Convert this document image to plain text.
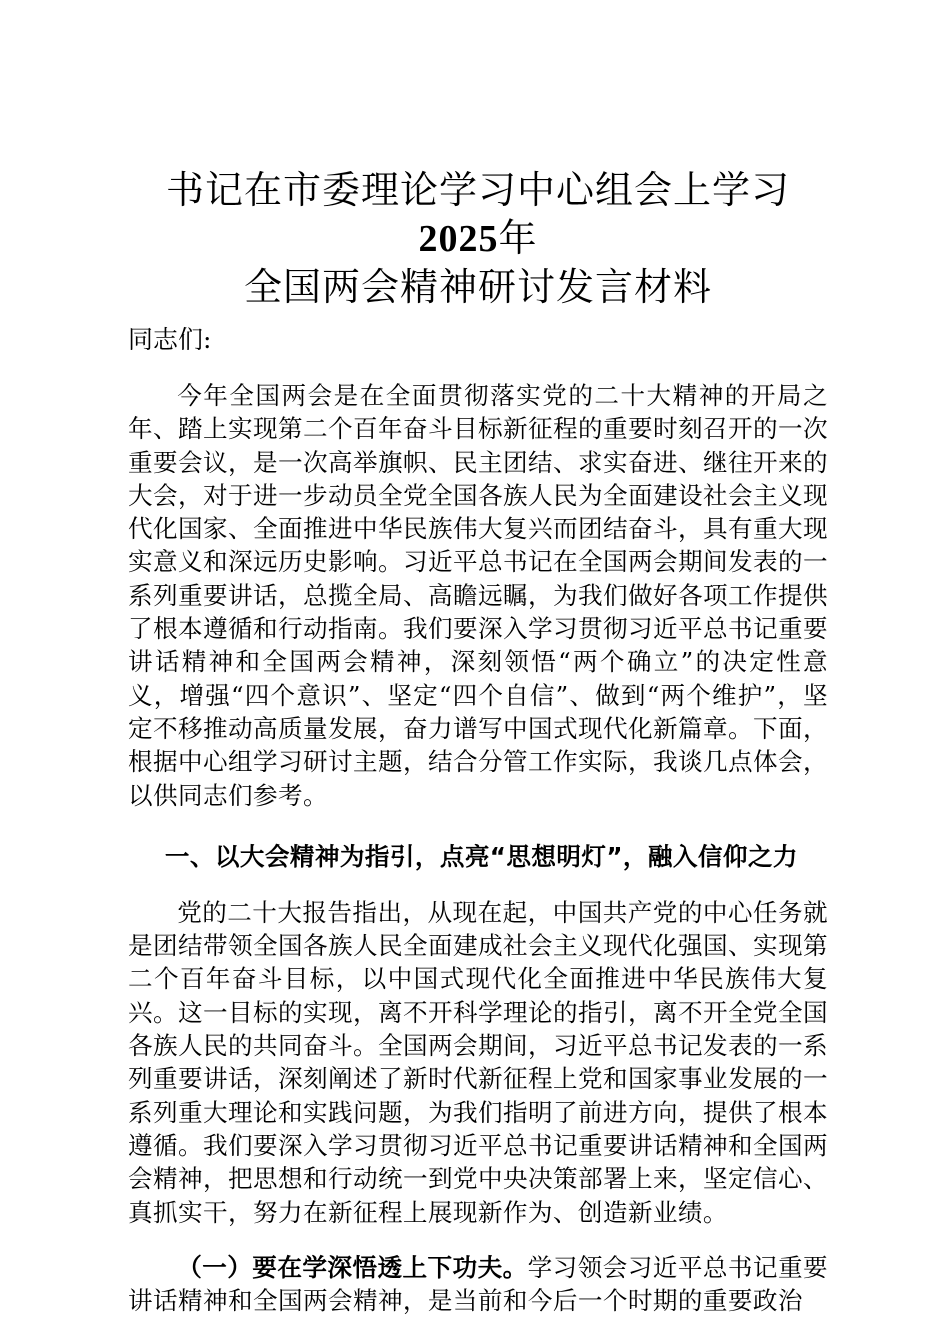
书记在市委理论学习中心组会上学习2025年
全国两会精神研讨发言材料
同志们:

今年全国两会是在全面贯彻落实党的二十大精神的开局之年、踏上实现第二个百年奋斗目标新征程的重要时刻召开的一次重要会议，是一次高举旗帜、民主团结、求实奋进、继往开来的大会，对于进一步动员全党全国各族人民为全面建设社会主义现代化国家、全面推进中华民族伟大复兴而团结奋斗，具有重大现实意义和深远历史影响。习近平总书记在全国两会期间发表的一系列重要讲话，总揽全局、高瞻远瞩，为我们做好各项工作提供了根本遵循和行动指南。我们要深入学习贯彻习近平总书记重要讲话精神和全国两会精神，深刻领悟“两个确立”的决定性意义，增强“四个意识”、坚定“四个自信”、做到“两个维护”，坚定不移推动高质量发展，奋力谱写中国式现代化新篇章。下面，根据中心组学习研讨主题，结合分管工作实际，我谈几点体会，以供同志们参考。

一、以大会精神为指引，点亮“思想明灯”，融入信仰之力

党的二十大报告指出，从现在起，中国共产党的中心任务就是团结带领全国各族人民全面建成社会主义现代化强国、实现第二个百年奋斗目标，以中国式现代化全面推进中华民族伟大复兴。这一目标的实现，离不开科学理论的指引，离不开全党全国各族人民的共同奋斗。全国两会期间，习近平总书记发表的一系列重要讲话，深刻阐述了新时代新征程上党和国家事业发展的一系列重大理论和实践问题，为我们指明了前进方向，提供了根本遵循。我们要深入学习贯彻习近平总书记重要讲话精神和全国两会精神，把思想和行动统一到党中央决策部署上来，坚定信心、真抓实干，努力在新征程上展现新作为、创造新业绩。

（一）要在学深悟透上下功夫。学习领会习近平总书记重要讲话精神和全国两会精神，是当前和今后一个时期的重要政治
